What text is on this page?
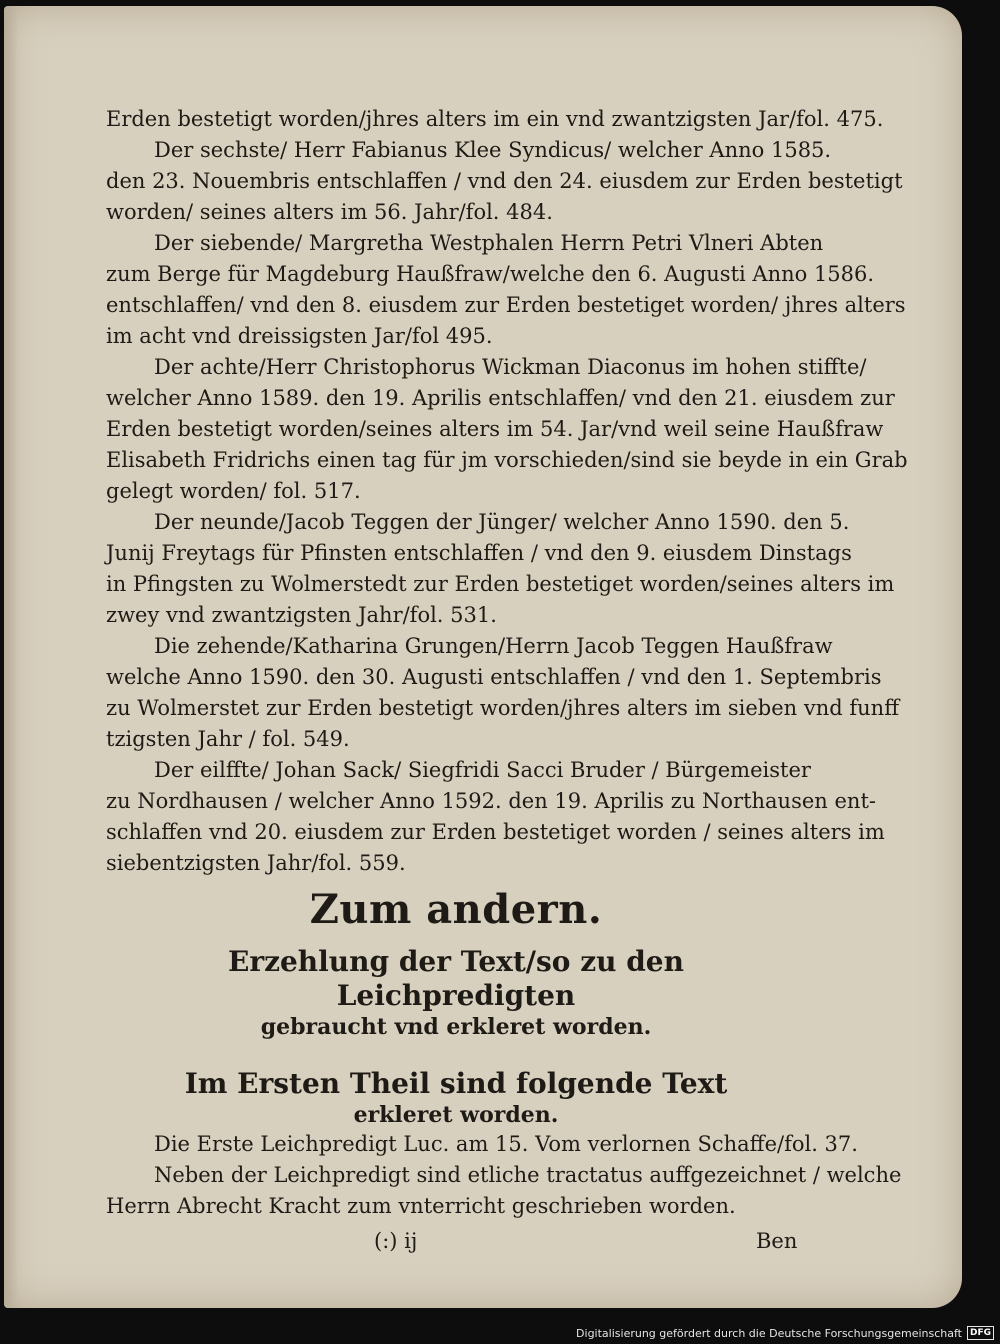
Erden bestetigt worden/jhres alters im ein vnd zwantzigsten Jar/fol. 475.
Der sechste/ Herr Fabianus Klee Syndicus/ welcher Anno 1585.
den 23. Nouembris entschlaffen / vnd den 24. eiusdem zur Erden bestetigt
worden/ seines alters im 56. Jahr/fol. 484.
Der siebende/ Margretha Westphalen Herrn Petri Vlneri Abten
zum Berge für Magdeburg Haußfraw/welche den 6. Augusti Anno 1586.
entschlaffen/ vnd den 8. eiusdem zur Erden bestetiget worden/ jhres alters
im acht vnd dreissigsten Jar/fol 495.
Der achte/Herr Christophorus Wickman Diaconus im hohen stiffte/
welcher Anno 1589. den 19. Aprilis entschlaffen/ vnd den 21. eiusdem zur
Erden bestetigt worden/seines alters im 54. Jar/vnd weil seine Haußfraw
Elisabeth Fridrichs einen tag für jm vorschieden/sind sie beyde in ein Grab
gelegt worden/ fol. 517.
Der neunde/Jacob Teggen der Jünger/ welcher Anno 1590. den 5.
Junij Freytags für Pfinsten entschlaffen / vnd den 9. eiusdem Dinstags
in Pfingsten zu Wolmerstedt zur Erden bestetiget worden/seines alters im
zwey vnd zwantzigsten Jahr/fol. 531.
Die zehende/Katharina Grungen/Herrn Jacob Teggen Haußfraw
welche Anno 1590. den 30. Augusti entschlaffen / vnd den 1. Septembris
zu Wolmerstet zur Erden bestetigt worden/jhres alters im sieben vnd funff
tzigsten Jahr / fol. 549.
Der eilffte/ Johan Sack/ Siegfridi Sacci Bruder / Bürgemeister
zu Nordhausen / welcher Anno 1592. den 19. Aprilis zu Northausen ent-
schlaffen vnd 20. eiusdem zur Erden bestetiget worden / seines alters im
siebentzigsten Jahr/fol. 559.
Zum andern.
Erzehlung der Text/so zu den Leichpredigten
gebraucht vnd erkleret worden.
Im Ersten Theil sind folgende Text
erkleret worden.
Die Erste Leichpredigt Luc. am 15. Vom verlornen Schaffe/fol. 37.
Neben der Leichpredigt sind etliche tractatus auffgezeichnet / welche
Herrn Abrecht Kracht zum vnterricht geschrieben worden.
(:) ij	Ben
Digitalisierung gefördert durch die Deutsche Forschungsgemeinschaft DFG
